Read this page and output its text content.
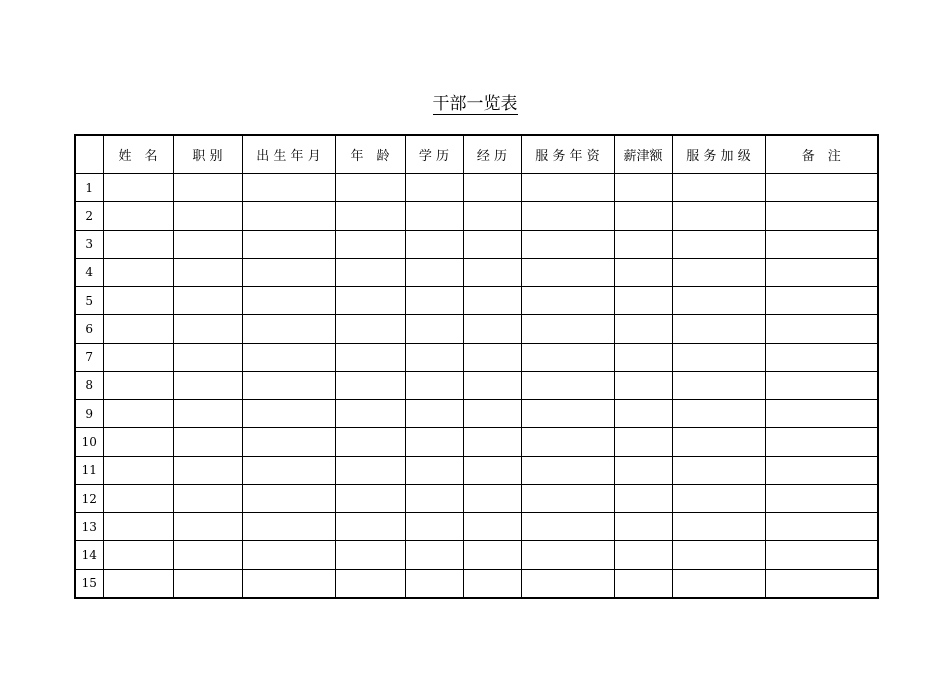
干部一览表
	姓　名	职 别	出 生 年 月	年　龄	学 历	经 历	服 务 年 资	薪津额	服 务 加 级	备　注
1										
2										
3										
4										
5										
6										
7										
8										
9										
10										
11										
12										
13										
14										
15										
